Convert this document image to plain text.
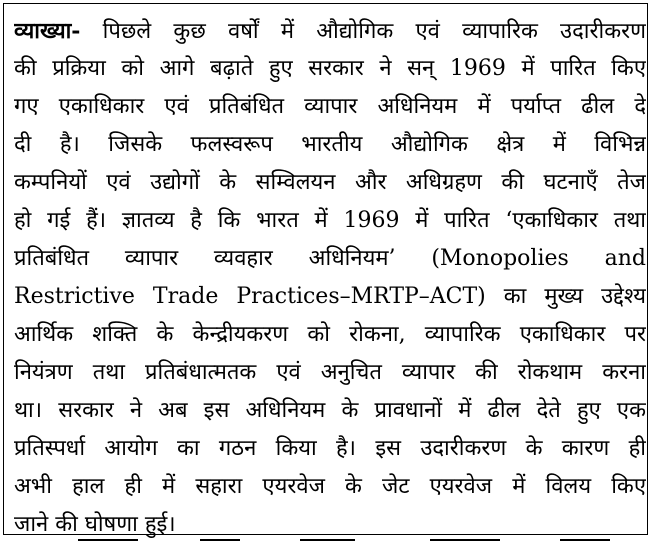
व्याख्या- पिछले कुछ वर्षों में औद्योगिक एवं व्यापारिक उदारीकरण
की प्रक्रिया को आगे बढ़ाते हुए सरकार ने सन् 1969 में पारित किए
गए एकाधिकार एवं प्रतिबंधित व्यापार अधिनियम में पर्याप्त ढील दे
दी है। जिसके फलस्वरूप भारतीय औद्योगिक क्षेत्र में विभिन्न
कम्पनियों एवं उद्योगों के सम्विलयन और अधिग्रहण की घटनाएँ तेज
हो गई हैं। ज्ञातव्य है कि भारत में 1969 में पारित ‘एकाधिकार तथा
प्रतिबंधित व्यापार व्यवहार अधिनियम’ (Monopolies and
Restrictive Trade Practices–MRTP–ACT) का मुख्य उद्देश्य
आर्थिक शक्ति के केन्द्रीयकरण को रोकना, व्यापारिक एकाधिकार पर
नियंत्रण तथा प्रतिबंधात्मतक एवं अनुचित व्यापार की रोकथाम करना
था। सरकार ने अब इस अधिनियम के प्रावधानों में ढील देते हुए एक
प्रतिस्पर्धा आयोग का गठन किया है। इस उदारीकरण के कारण ही
अभी हाल ही में सहारा एयरवेज के जेट एयरवेज में विलय किए
जाने की घोषणा हुई।
